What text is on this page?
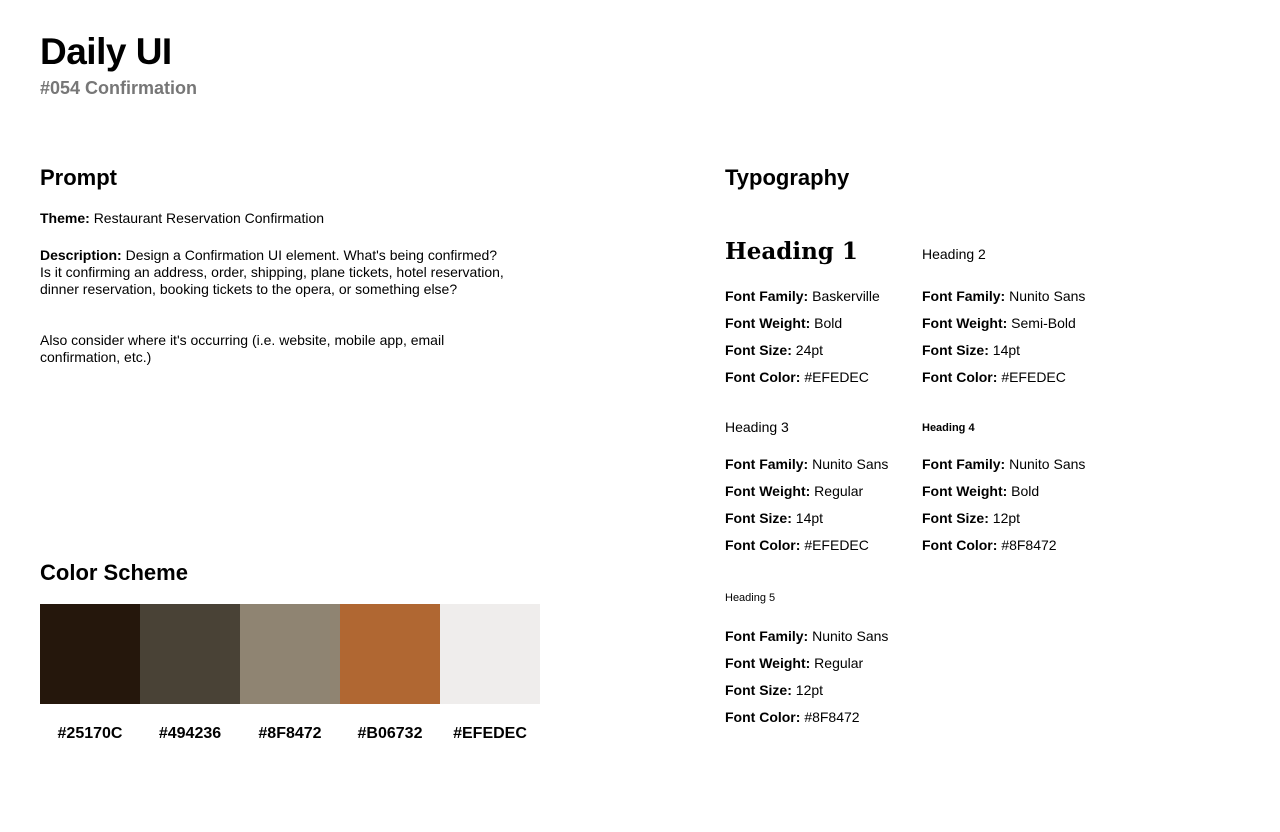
Daily UI
#054 Confirmation
Prompt

Theme: Restaurant Reservation Confirmation

Description: Design a Confirmation UI element. What's being confirmed? Is it confirming an address, order, shipping, plane tickets, hotel reservation, dinner reservation, booking tickets to the opera, or something else?

Also consider where it's occurring (i.e. website, mobile app, email confirmation, etc.)

Color Scheme
#25170C	#494236	#8F8472	#B06732	#EFEDEC
Typography
Heading 1
Font Family: Baskerville
Font Weight: Bold
Font Size: 24pt
Font Color: #EFEDEC
Heading 2
Font Family: Nunito Sans
Font Weight: Semi-Bold
Font Size: 14pt
Font Color: #EFEDEC
Heading 3
Font Family: Nunito Sans
Font Weight: Regular
Font Size: 14pt
Font Color: #EFEDEC
Heading 4
Font Family: Nunito Sans
Font Weight: Bold
Font Size: 12pt
Font Color: #8F8472
Heading 5
Font Family: Nunito Sans
Font Weight: Regular
Font Size: 12pt
Font Color: #8F8472
